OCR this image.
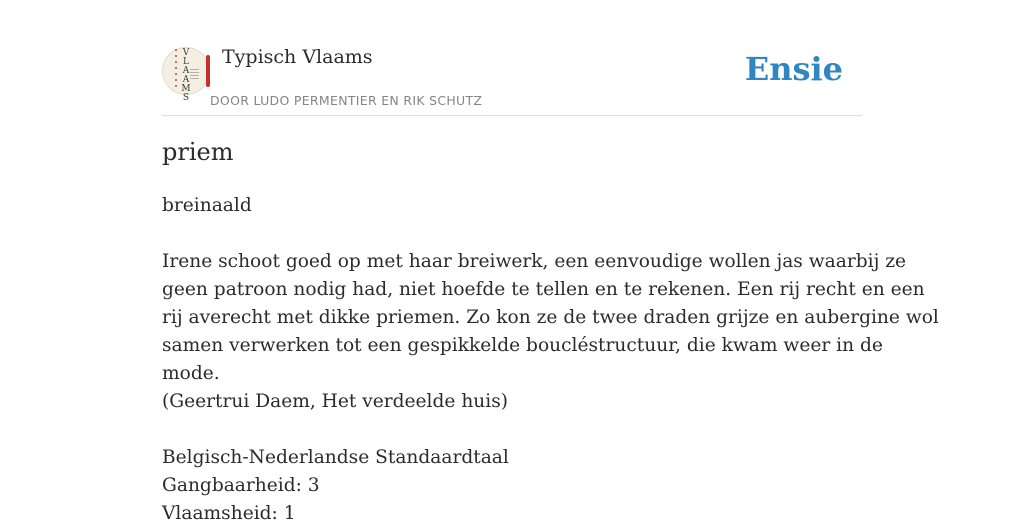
V
L
A
A
M
S
Typisch Vlaams
DOOR LUDO PERMENTIER EN RIK SCHUTZ
Ensie
priem

breinaald

Irene schoot goed op met haar breiwerk, een eenvoudige wollen jas waarbij ze

geen patroon nodig had, niet hoefde te tellen en te rekenen. Een rij recht en een

rij averecht met dikke priemen. Zo kon ze de twee draden grijze en aubergine wol

samen verwerken tot een gespikkelde boucléstructuur, die kwam weer in de

mode.

(Geertrui Daem, Het verdeelde huis)

Belgisch-Nederlandse Standaardtaal

Gangbaarheid: 3

Vlaamsheid: 1
